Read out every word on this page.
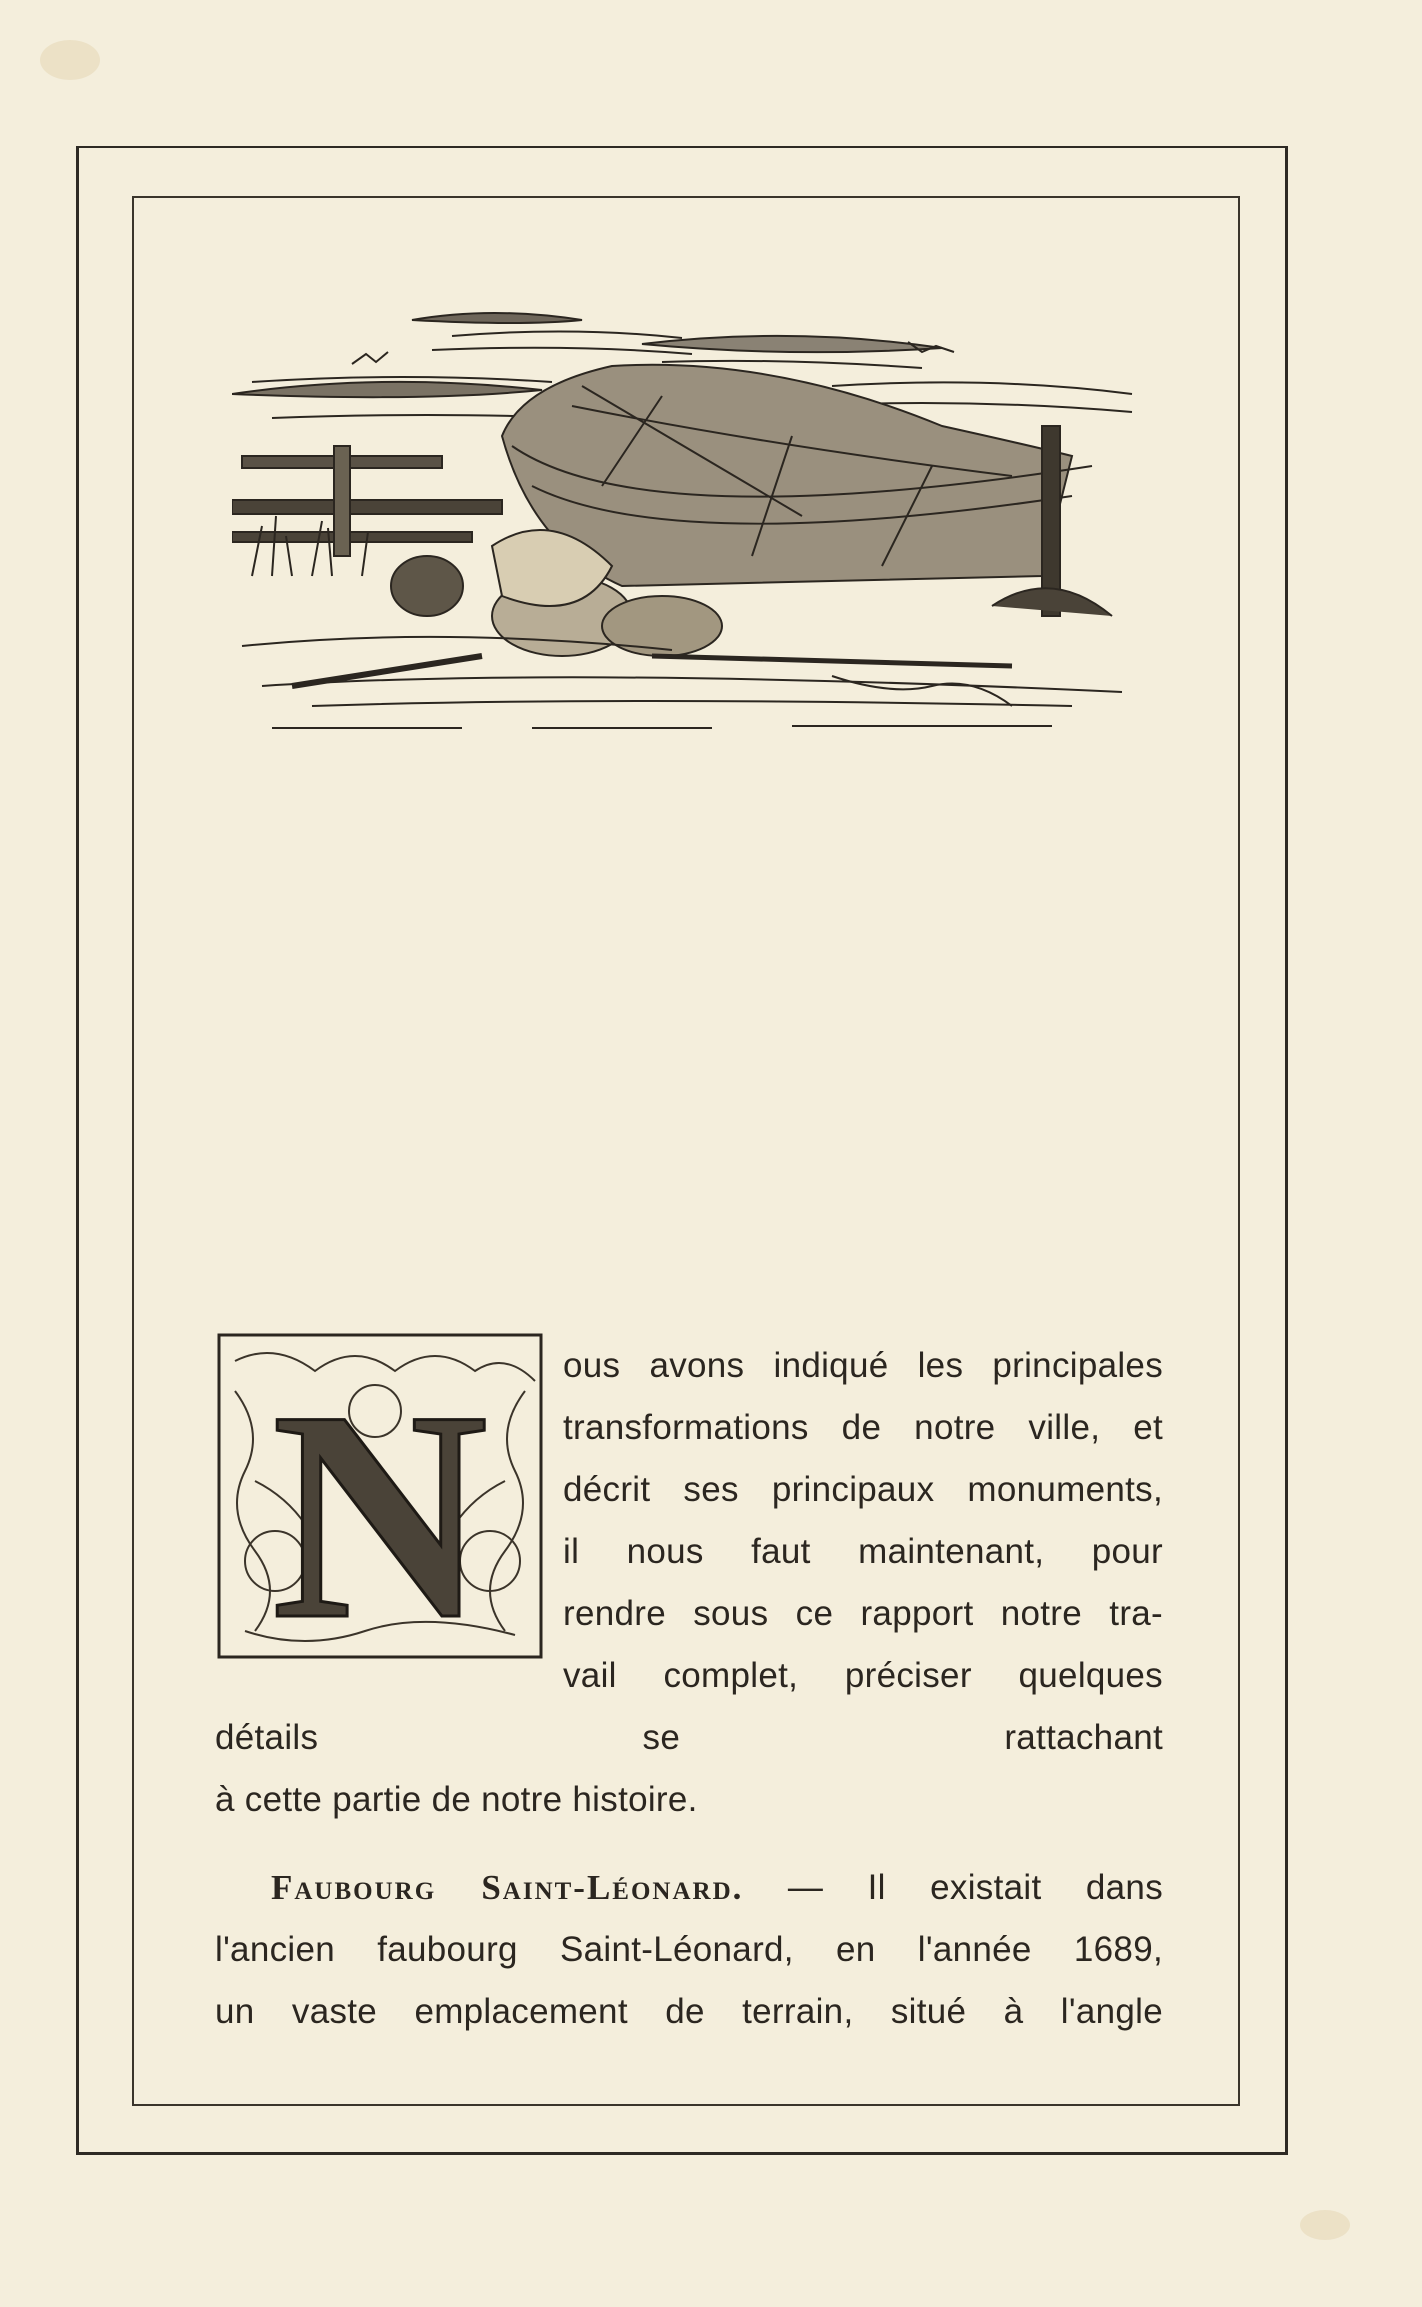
N	ous avons indiqué les principales
transformations de notre ville, et
décrit ses principaux monuments,
il nous faut maintenant, pour
rendre sous ce rapport notre tra-
vail complet, préciser quelques détails se rattachant
à cette partie de notre histoire.
Faubourg Saint-Léonard. — Il existait dans
l'ancien faubourg Saint-Léonard, en l'année 1689,
un vaste emplacement de terrain, situé à l'angle
